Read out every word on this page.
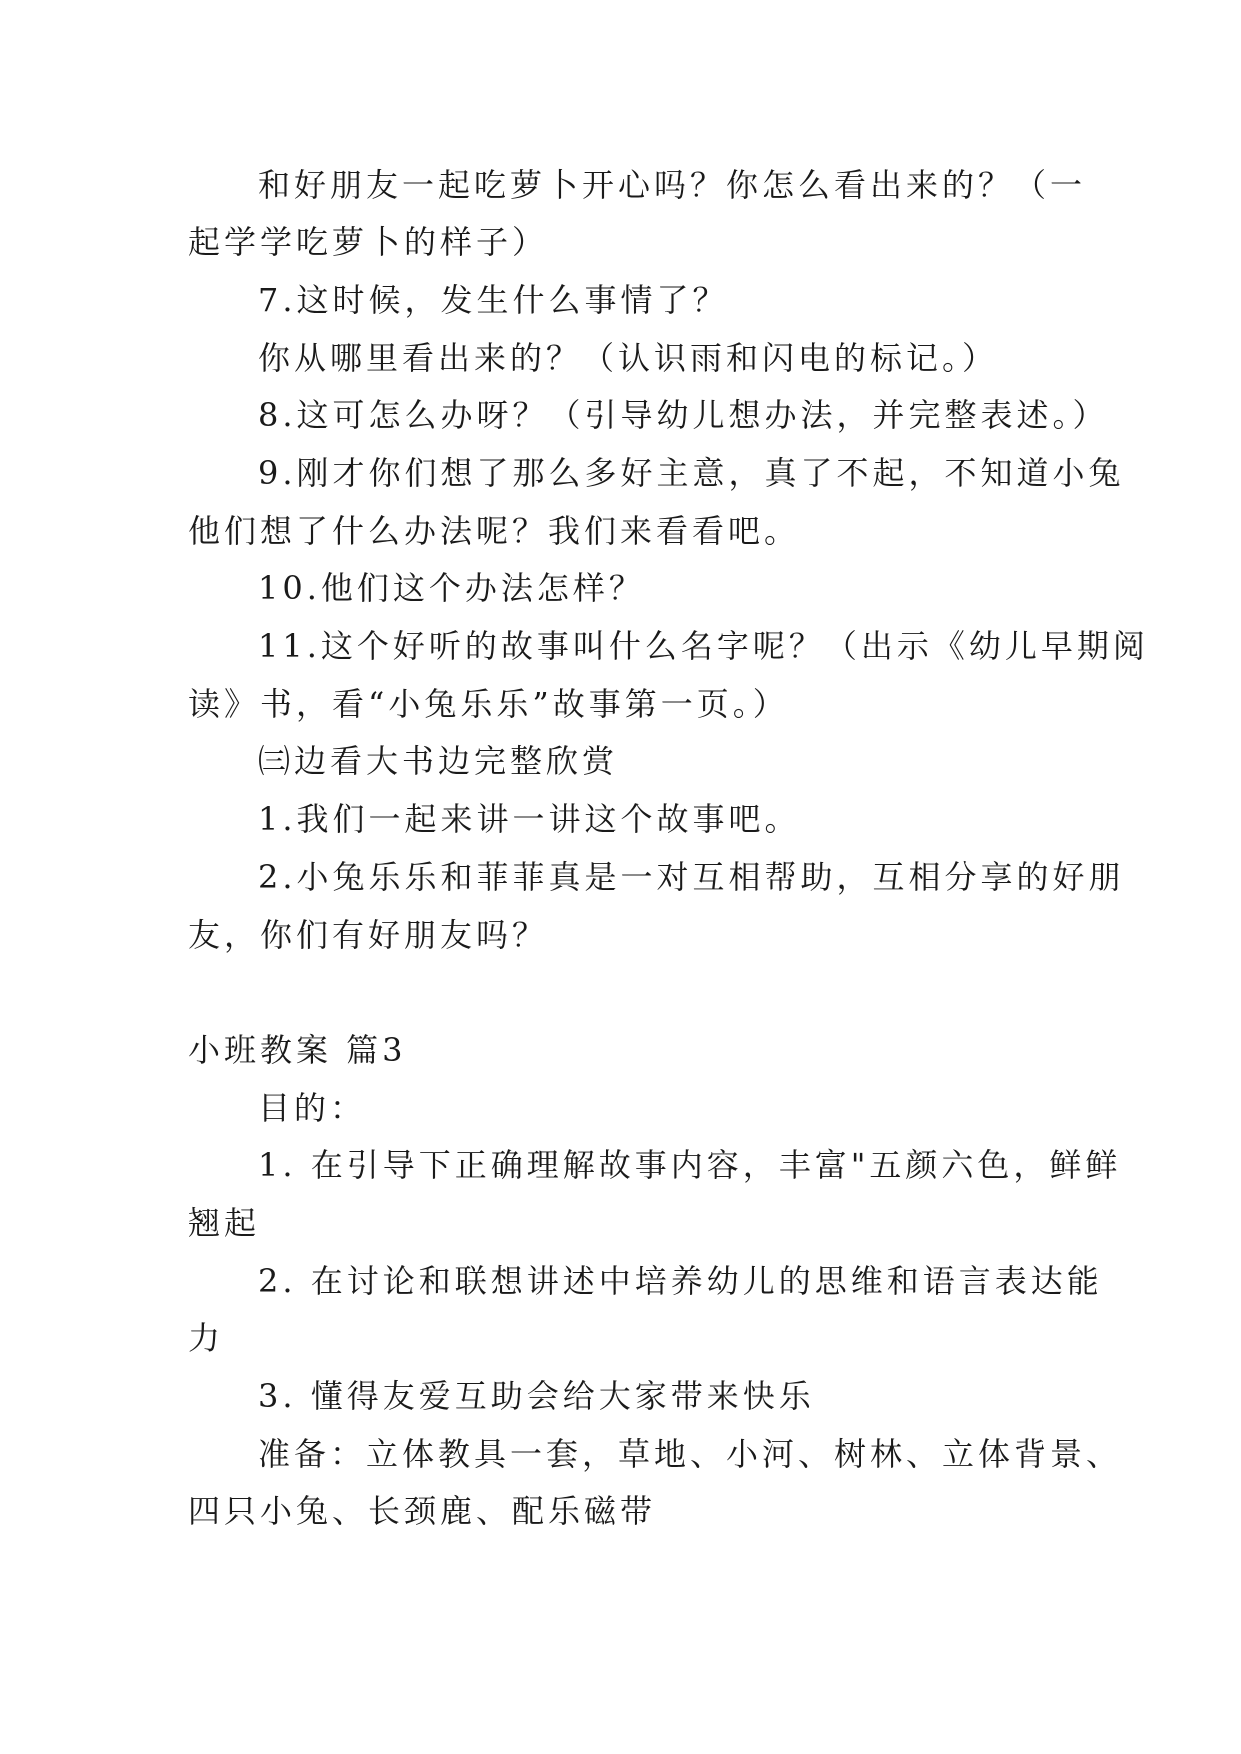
和好朋友一起吃萝卜开心吗？你怎么看出来的？（一
起学学吃萝卜的样子）
7.这时候，发生什么事情了？
你从哪里看出来的？（认识雨和闪电的标记。）
8.这可怎么办呀？（引导幼儿想办法，并完整表述。）
9.刚才你们想了那么多好主意，真了不起，不知道小兔
他们想了什么办法呢？我们来看看吧。
10.他们这个办法怎样？
11.这个好听的故事叫什么名字呢？（出示《幼儿早期阅
读》书，看“小兔乐乐”故事第一页。）
㈢边看大书边完整欣赏
1.我们一起来讲一讲这个故事吧。
2.小兔乐乐和菲菲真是一对互相帮助，互相分享的好朋
友，你们有好朋友吗？
小班教案 篇3
目的：
1. 在引导下正确理解故事内容，丰富"五颜六色，鲜鲜
翘起
2. 在讨论和联想讲述中培养幼儿的思维和语言表达能
力
3. 懂得友爱互助会给大家带来快乐
准备：立体教具一套，草地、小河、树林、立体背景、
四只小兔、长颈鹿、配乐磁带
